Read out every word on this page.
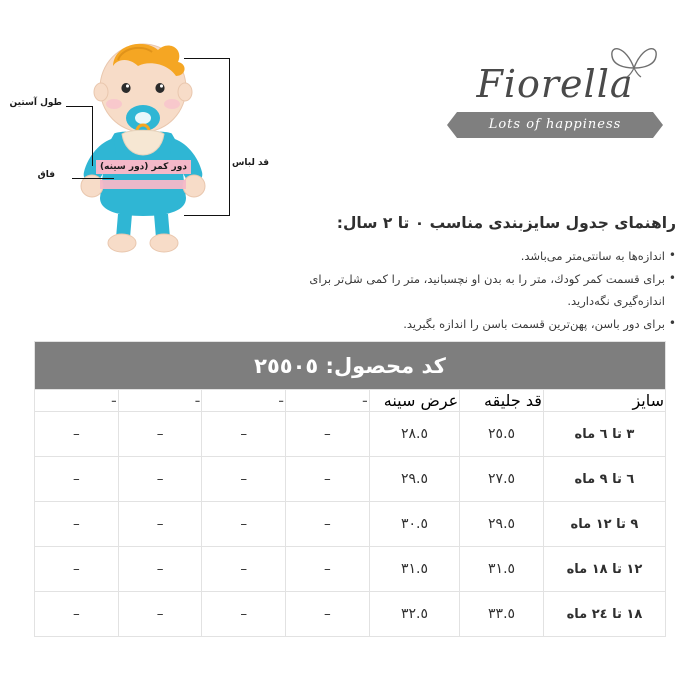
طول آستين
فاق
دور كمر (دور سينه)	قد لباس
Fiorella
Lots of happiness
راهنماى جدول سايزبندى مناسب ٠ تا ٢ سال:
• اندازه‌ها به سانتى‌متر مى‌باشد.
• براى قسمت كمر كودك، متر را به بدن او نچسبانيد، متر را كمى شل‌تر براى اندازه‌گيرى نگه‌داريد.
• براى دور باسن، پهن‌ترين قسمت باسن را اندازه بگيريد.
كد محصول: ٢٥٥٠٥						
سايز	قد جليقه	عرض سينه	-	-	-	-
٣ تا ٦ ماه	٢٥.٥	٢٨.٥	–	–	–	–
٦ تا ٩ ماه	٢٧.٥	٢٩.٥	–	–	–	–
٩ تا ١٢ ماه	٢٩.٥	٣٠.٥	–	–	–	–
١٢ تا ١٨ ماه	٣١.٥	٣١.٥	–	–	–	–
١٨ تا ٢٤ ماه	٣٣.٥	٣٢.٥	–	–	–	–
